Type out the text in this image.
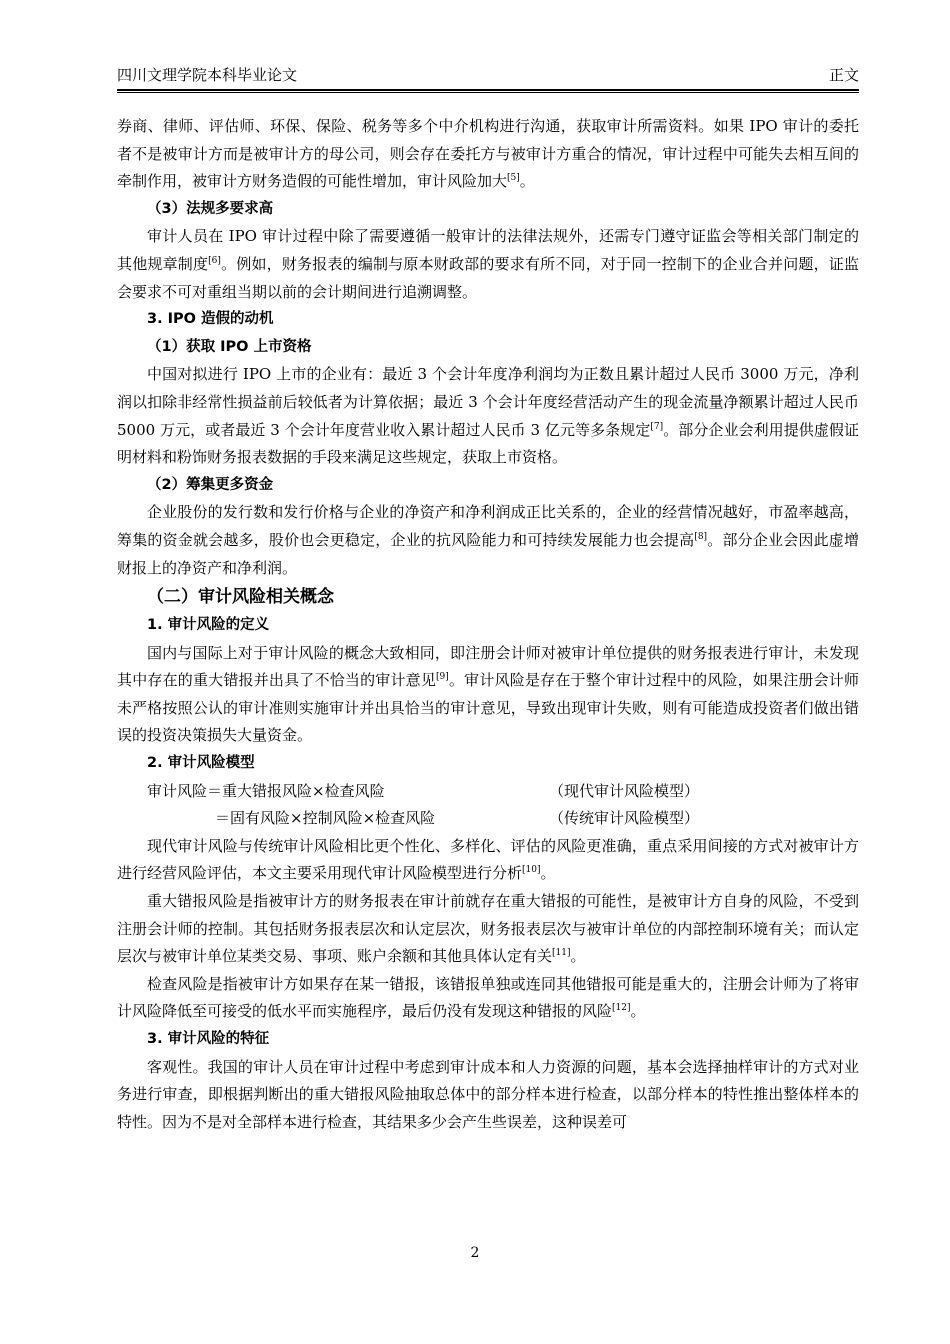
四川文理学院本科毕业论文	正文

券商、律师、评估师、环保、保险、税务等多个中介机构进行沟通，获取审计所需资料。如果 IPO 审计的委托者不是被审计方而是被审计方的母公司，则会存在委托方与被审计方重合的情况，审计过程中可能失去相互间的牵制作用，被审计方财务造假的可能性增加，审计风险加大[5]。

（3）法规多要求高

审计人员在 IPO 审计过程中除了需要遵循一般审计的法律法规外，还需专门遵守证监会等相关部门制定的其他规章制度[6]。例如，财务报表的编制与原本财政部的要求有所不同，对于同一控制下的企业合并问题，证监会要求不可对重组当期以前的会计期间进行追溯调整。

3. IPO 造假的动机

（1）获取 IPO 上市资格

中国对拟进行 IPO 上市的企业有：最近 3 个会计年度净利润均为正数且累计超过人民币 3000 万元，净利润以扣除非经常性损益前后较低者为计算依据；最近 3 个会计年度经营活动产生的现金流量净额累计超过人民币 5000 万元，或者最近 3 个会计年度营业收入累计超过人民币 3 亿元等多条规定[7]。部分企业会利用提供虚假证明材料和粉饰财务报表数据的手段来满足这些规定，获取上市资格。

（2）筹集更多资金

企业股份的发行数和发行价格与企业的净资产和净利润成正比关系的，企业的经营情况越好，市盈率越高，筹集的资金就会越多，股价也会更稳定，企业的抗风险能力和可持续发展能力也会提高[8]。部分企业会因此虚增财报上的净资产和净利润。

（二）审计风险相关概念

1. 审计风险的定义

国内与国际上对于审计风险的概念大致相同，即注册会计师对被审计单位提供的财务报表进行审计，未发现其中存在的重大错报并出具了不恰当的审计意见[9]。审计风险是存在于整个审计过程中的风险，如果注册会计师未严格按照公认的审计准则实施审计并出具恰当的审计意见，导致出现审计失败，则有可能造成投资者们做出错误的投资决策损失大量资金。

2. 审计风险模型

审计风险＝重大错报风险×检查风险	（现代审计风险模型）
＝固有风险×控制风险×检查风险	（传统审计风险模型）

现代审计风险与传统审计风险相比更个性化、多样化、评估的风险更准确，重点采用间接的方式对被审计方进行经营风险评估，本文主要采用现代审计风险模型进行分析[10]。

重大错报风险是指被审计方的财务报表在审计前就存在重大错报的可能性，是被审计方自身的风险，不受到注册会计师的控制。其包括财务报表层次和认定层次，财务报表层次与被审计单位的内部控制环境有关；而认定层次与被审计单位某类交易、事项、账户余额和其他具体认定有关[11]。

检查风险是指被审计方如果存在某一错报，该错报单独或连同其他错报可能是重大的，注册会计师为了将审计风险降低至可接受的低水平而实施程序，最后仍没有发现这种错报的风险[12]。

3. 审计风险的特征

客观性。我国的审计人员在审计过程中考虑到审计成本和人力资源的问题，基本会选择抽样审计的方式对业务进行审查，即根据判断出的重大错报风险抽取总体中的部分样本进行检查，以部分样本的特性推出整体样本的特性。因为不是对全部样本进行检查，其结果多少会产生些误差，这种误差可

2
